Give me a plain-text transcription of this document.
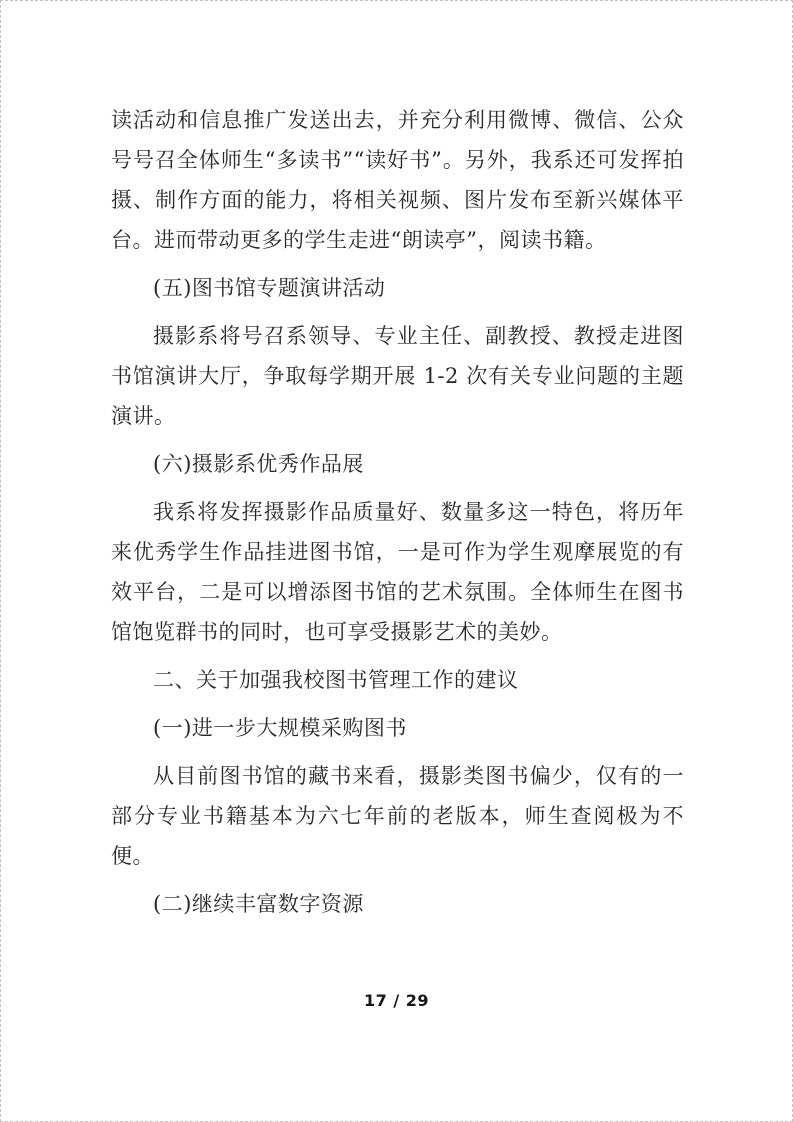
读活动和信息推广发送出去，并充分利用微博、微信、公众号号召全体师生“多读书”“读好书”。另外，我系还可发挥拍摄、制作方面的能力，将相关视频、图片发布至新兴媒体平台。进而带动更多的学生走进“朗读亭”，阅读书籍。

(五)图书馆专题演讲活动

摄影系将号召系领导、专业主任、副教授、教授走进图书馆演讲大厅，争取每学期开展 1-2 次有关专业问题的主题演讲。

(六)摄影系优秀作品展

我系将发挥摄影作品质量好、数量多这一特色，将历年来优秀学生作品挂进图书馆，一是可作为学生观摩展览的有效平台，二是可以增添图书馆的艺术氛围。全体师生在图书馆饱览群书的同时，也可享受摄影艺术的美妙。

二、关于加强我校图书管理工作的建议

(一)进一步大规模采购图书

从目前图书馆的藏书来看，摄影类图书偏少，仅有的一部分专业书籍基本为六七年前的老版本，师生查阅极为不便。

(二)继续丰富数字资源

17 / 29
